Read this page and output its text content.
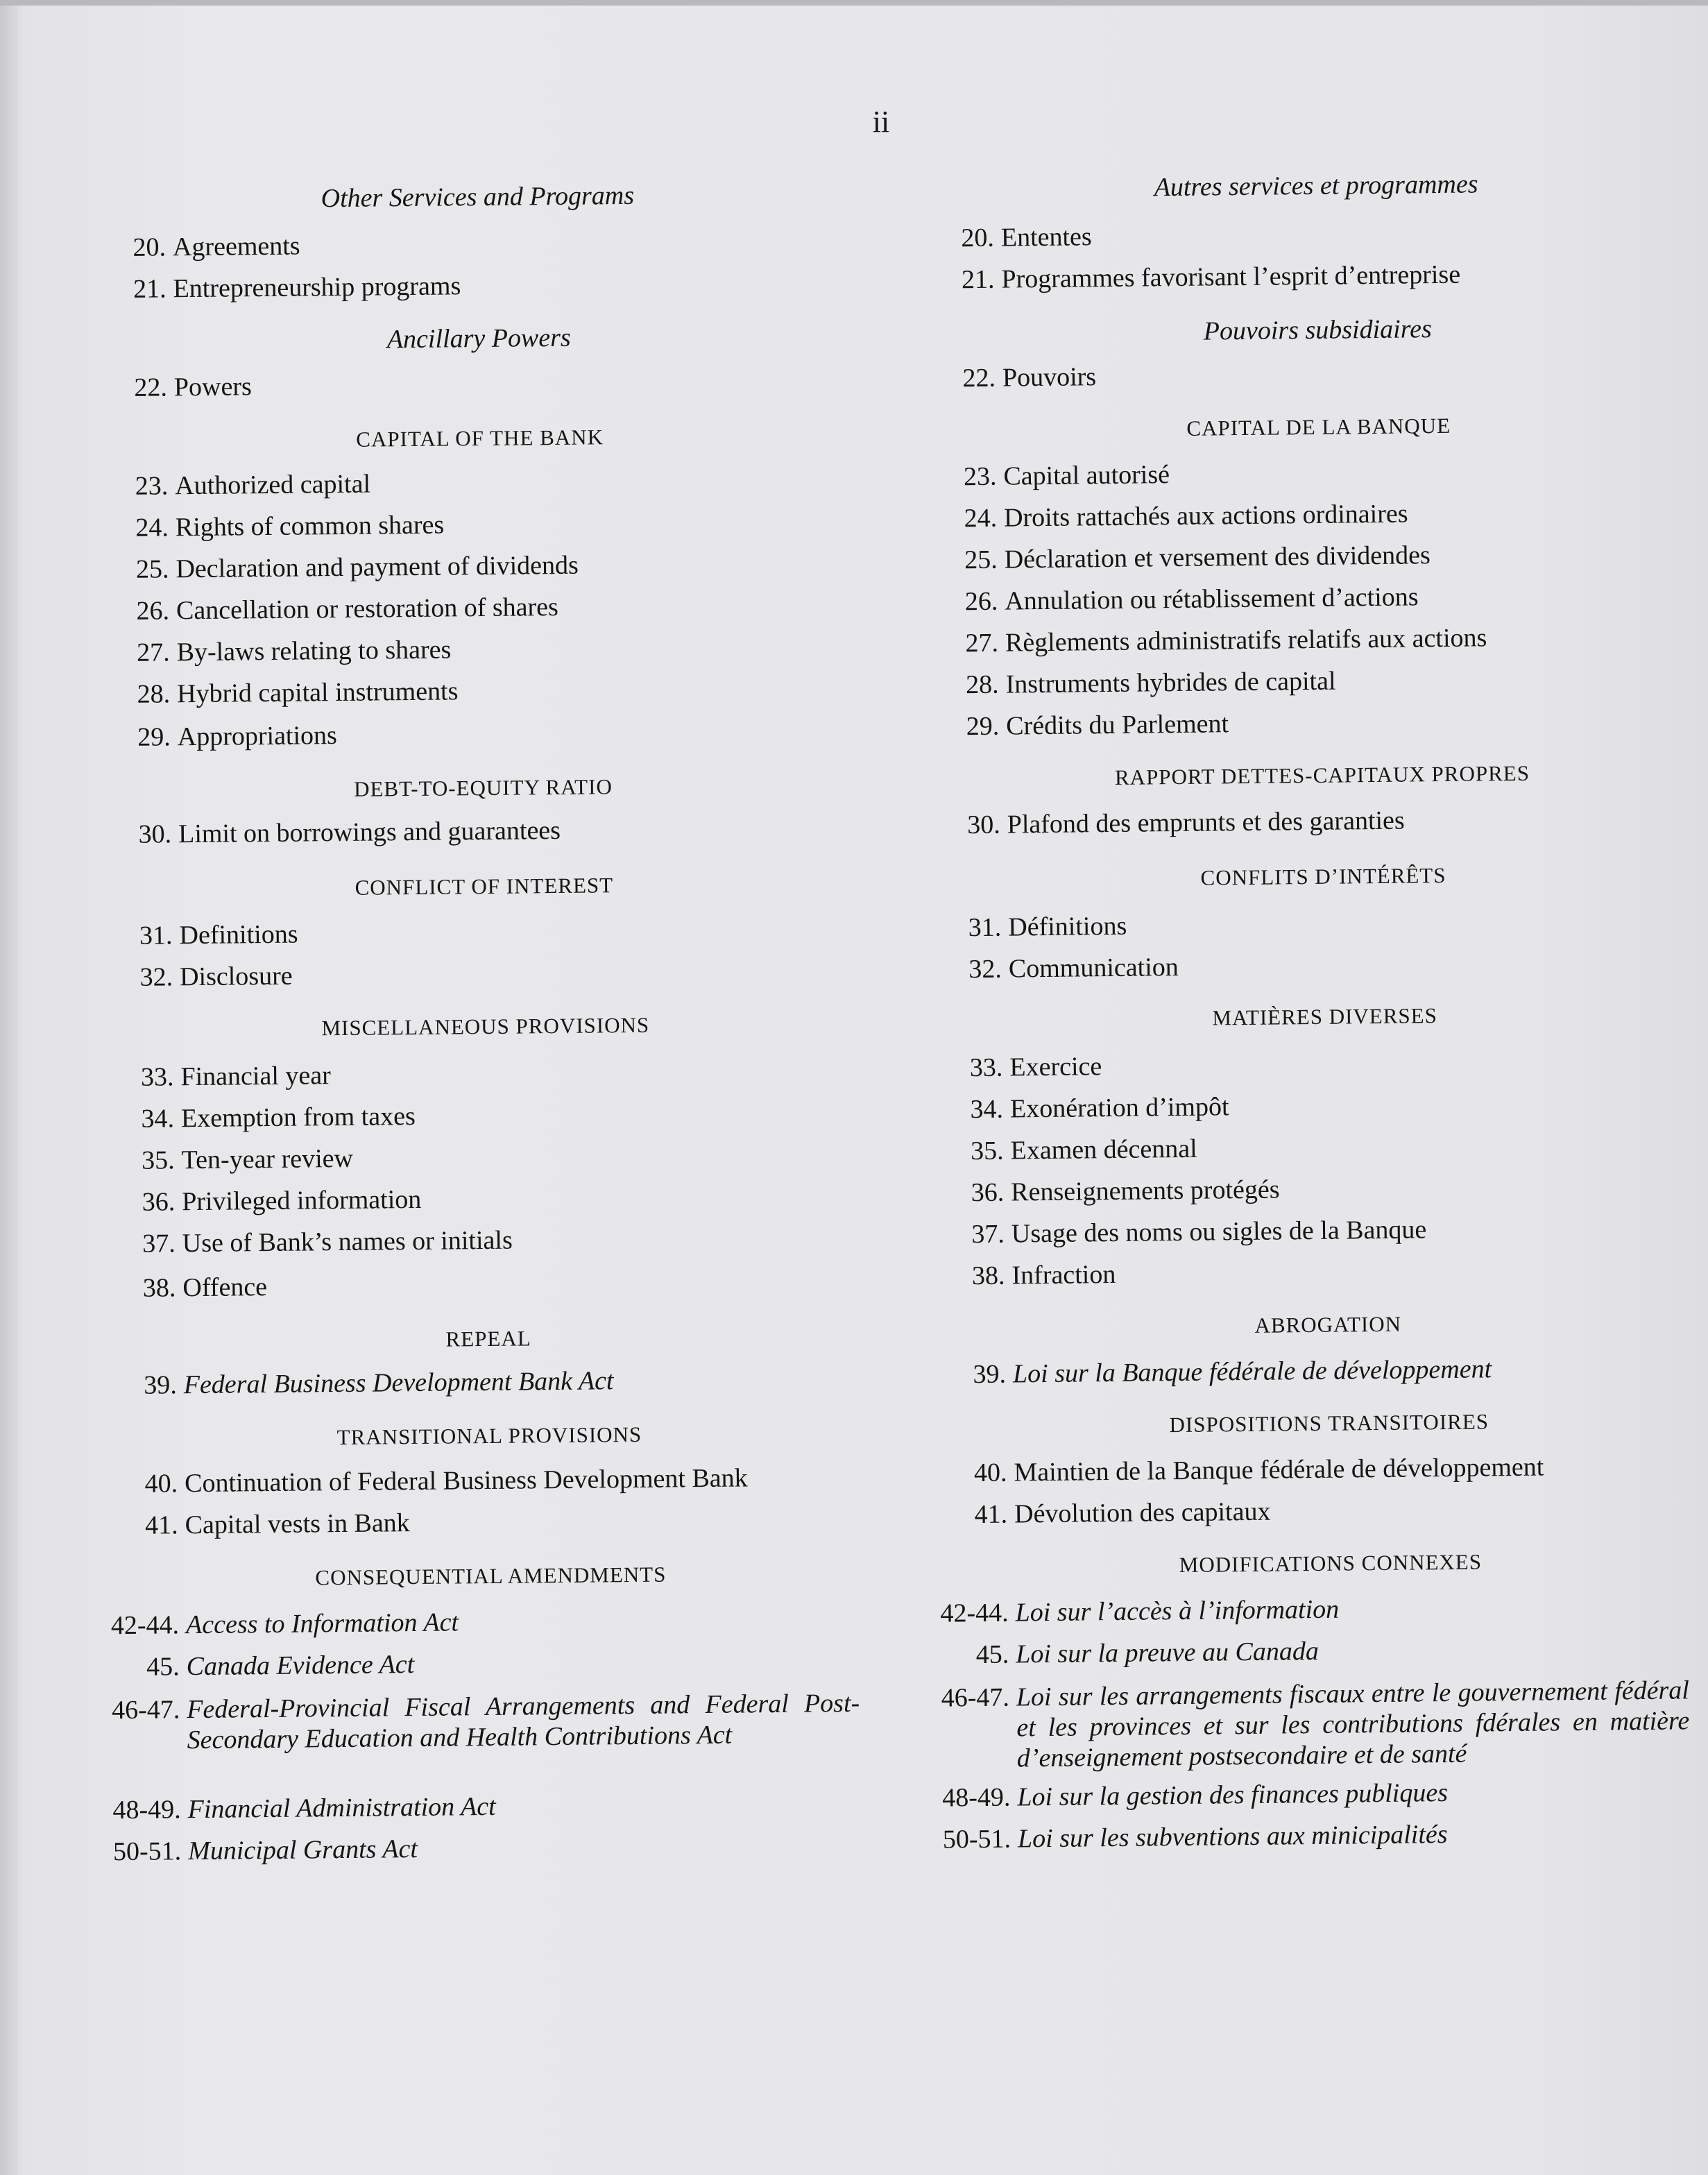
ii
Other Services and Programs
20. Agreements
21. Entrepreneurship programs
Ancillary Powers
22. Powers
CAPITAL OF THE BANK
23. Authorized capital
24. Rights of common shares
25. Declaration and payment of dividends
26. Cancellation or restoration of shares
27. By-laws relating to shares
28. Hybrid capital instruments
29. Appropriations
DEBT-TO-EQUITY RATIO
30. Limit on borrowings and guarantees
CONFLICT OF INTEREST
31. Definitions
32. Disclosure
MISCELLANEOUS PROVISIONS
33. Financial year
34. Exemption from taxes
35. Ten-year review
36. Privileged information
37. Use of Bank’s names or initials
38. Offence
REPEAL
39. Federal Business Development Bank Act
TRANSITIONAL PROVISIONS
40. Continuation of Federal Business Development Bank
41. Capital vests in Bank
CONSEQUENTIAL AMENDMENTS
42-44. Access to Information Act
45. Canada Evidence Act
46-47. Federal-Provincial Fiscal Arrangements and Federal Post-Secondary Education and Health Contributions Act
48-49. Financial Administration Act
50-51. Municipal Grants Act
Autres services et programmes
20. Ententes
21. Programmes favorisant l’esprit d’entreprise
Pouvoirs subsidiaires
22. Pouvoirs
CAPITAL DE LA BANQUE
23. Capital autorisé
24. Droits rattachés aux actions ordinaires
25. Déclaration et versement des dividendes
26. Annulation ou rétablissement d’actions
27. Règlements administratifs relatifs aux actions
28. Instruments hybrides de capital
29. Crédits du Parlement
RAPPORT DETTES-CAPITAUX PROPRES
30. Plafond des emprunts et des garanties
CONFLITS D’INTÉRÊTS
31. Définitions
32. Communication
MATIÈRES DIVERSES
33. Exercice
34. Exonération d’impôt
35. Examen décennal
36. Renseignements protégés
37. Usage des noms ou sigles de la Banque
38. Infraction
ABROGATION
39. Loi sur la Banque fédérale de développement
DISPOSITIONS TRANSITOIRES
40. Maintien de la Banque fédérale de développement
41. Dévolution des capitaux
MODIFICATIONS CONNEXES
42-44. Loi sur l’accès à l’information
45. Loi sur la preuve au Canada
46-47. Loi sur les arrangements fiscaux entre le gouvernement fédéral et les provinces et sur les contributions fdérales en matière d’enseignement postsecondaire et de santé
48-49. Loi sur la gestion des finances publiques
50-51. Loi sur les subventions aux minicipalités
